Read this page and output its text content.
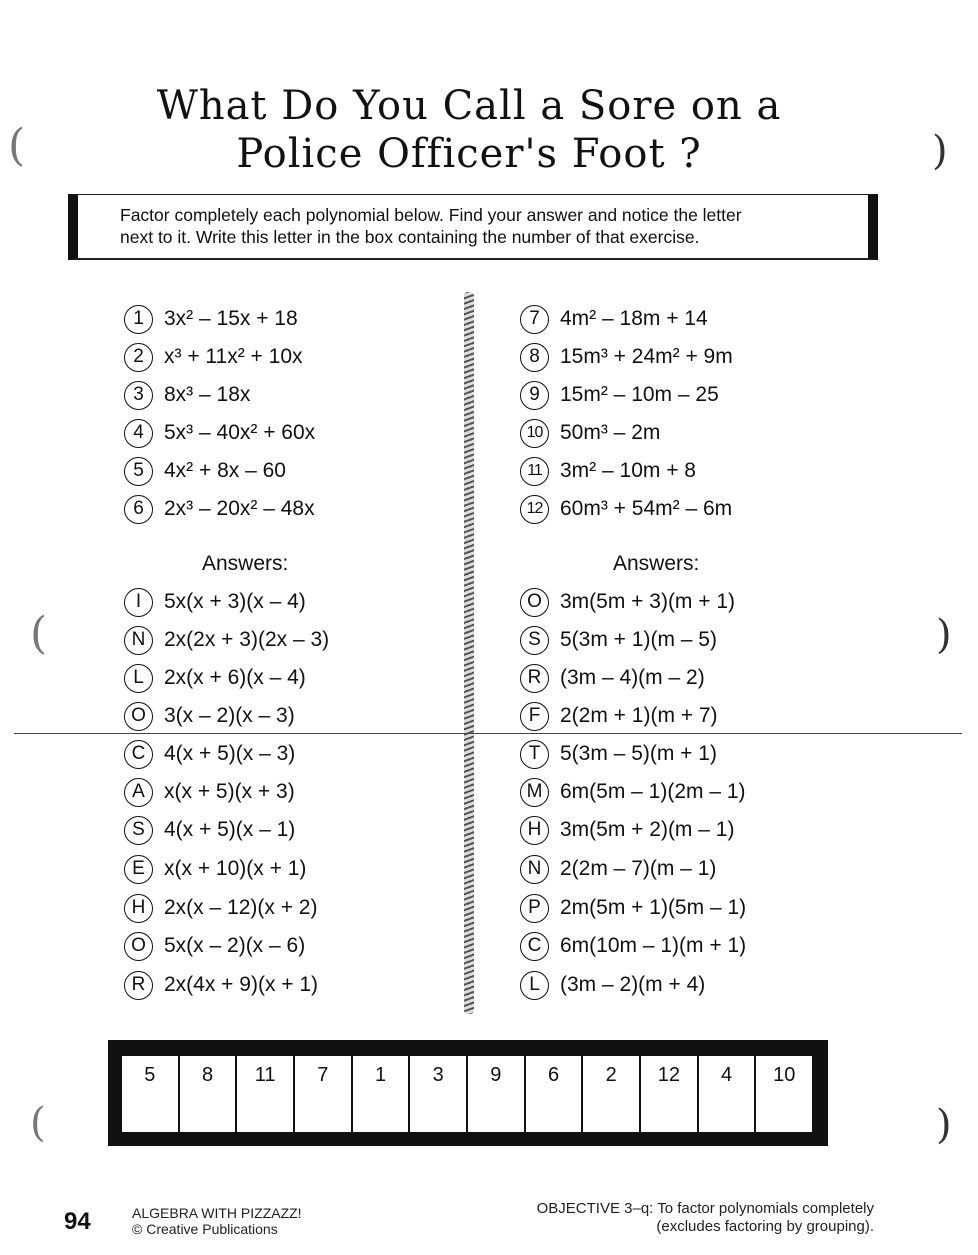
What Do You Call a Sore on a
Police Officer's Foot ?
Factor completely each polynomial below. Find your answer and notice the letter
next to it. Write this letter in the box containing the number of that exercise.
1 3x² – 15x + 18
2 x³ + 11x² + 10x
3 8x³ – 18x
4 5x³ – 40x² + 60x
5 4x² + 8x – 60
6 2x³ – 20x² – 48x
Answers:
I	5x(x + 3)(x – 4)
N 2x(2x + 3)(2x – 3)
L 2x(x + 6)(x – 4)
O 3(x – 2)(x – 3)
C 4(x + 5)(x – 3)
A x(x + 5)(x + 3)
S 4(x + 5)(x – 1)
E x(x + 10)(x + 1)
H 2x(x – 12)(x + 2)
O 5x(x – 2)(x – 6)
R 2x(4x + 9)(x + 1)
7 4m² – 18m + 14
8 15m³ + 24m² + 9m
9 15m² – 10m – 25
10 50m³ – 2m
11 3m² – 10m + 8
12 60m³ + 54m² – 6m
Answers:
O 3m(5m + 3)(m + 1)
S 5(3m + 1)(m – 5)
R (3m – 4)(m – 2)
F 2(2m + 1)(m + 7)
T 5(3m – 5)(m + 1)
M 6m(5m – 1)(2m – 1)
H 3m(5m + 2)(m – 1)
N 2(2m – 7)(m – 1)
P 2m(5m + 1)(5m – 1)
C 6m(10m – 1)(m + 1)
L (3m – 2)(m + 4)
5	8	11	7	1	3	9	6	2	12	4	10
94	ALGEBRA WITH PIZZAZZ!
© Creative Publications
OBJECTIVE 3–q: To factor polynomials completely
(excludes factoring by grouping).
(
(
(
)
)
)
